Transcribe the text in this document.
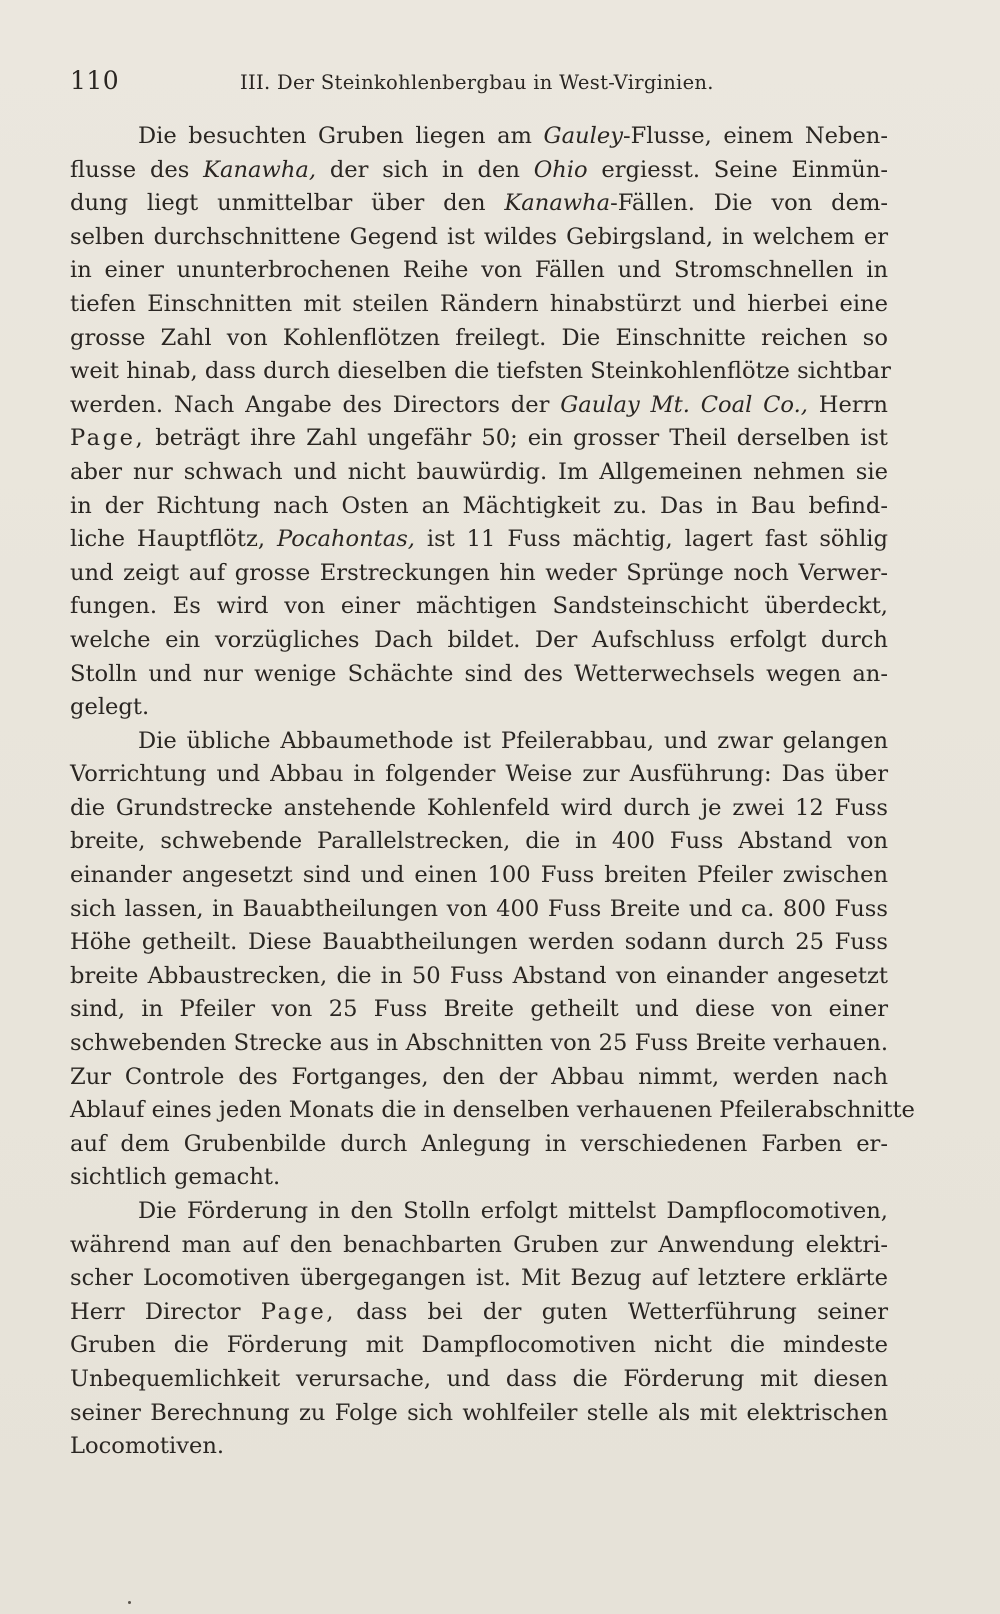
110	III. Der Steinkohlenbergbau in West-Virginien.
Die besuchten Gruben liegen am Gauley-Flusse, einem Neben-
flusse des Kanawha, der sich in den Ohio ergiesst. Seine Einmün-
dung liegt unmittelbar über den Kanawha-Fällen. Die von dem-
selben durchschnittene Gegend ist wildes Gebirgsland, in welchem er
in einer ununterbrochenen Reihe von Fällen und Stromschnellen in
tiefen Einschnitten mit steilen Rändern hinabstürzt und hierbei eine
grosse Zahl von Kohlenflötzen freilegt. Die Einschnitte reichen so
weit hinab, dass durch dieselben die tiefsten Steinkohlenflötze sichtbar
werden. Nach Angabe des Directors der Gaulay Mt. Coal Co., Herrn
Page, beträgt ihre Zahl ungefähr 50; ein grosser Theil derselben ist
aber nur schwach und nicht bauwürdig. Im Allgemeinen nehmen sie
in der Richtung nach Osten an Mächtigkeit zu. Das in Bau befind-
liche Hauptflötz, Pocahontas, ist 11 Fuss mächtig, lagert fast söhlig
und zeigt auf grosse Erstreckungen hin weder Sprünge noch Verwer-
fungen. Es wird von einer mächtigen Sandsteinschicht überdeckt,
welche ein vorzügliches Dach bildet. Der Aufschluss erfolgt durch
Stolln und nur wenige Schächte sind des Wetterwechsels wegen an-
gelegt.
Die übliche Abbaumethode ist Pfeilerabbau, und zwar gelangen
Vorrichtung und Abbau in folgender Weise zur Ausführung: Das über
die Grundstrecke anstehende Kohlenfeld wird durch je zwei 12 Fuss
breite, schwebende Parallelstrecken, die in 400 Fuss Abstand von
einander angesetzt sind und einen 100 Fuss breiten Pfeiler zwischen
sich lassen, in Bauabtheilungen von 400 Fuss Breite und ca. 800 Fuss
Höhe getheilt. Diese Bauabtheilungen werden sodann durch 25 Fuss
breite Abbaustrecken, die in 50 Fuss Abstand von einander angesetzt
sind, in Pfeiler von 25 Fuss Breite getheilt und diese von einer
schwebenden Strecke aus in Abschnitten von 25 Fuss Breite verhauen.
Zur Controle des Fortganges, den der Abbau nimmt, werden nach
Ablauf eines jeden Monats die in denselben verhauenen Pfeilerabschnitte
auf dem Grubenbilde durch Anlegung in verschiedenen Farben er-
sichtlich gemacht.
Die Förderung in den Stolln erfolgt mittelst Dampflocomotiven,
während man auf den benachbarten Gruben zur Anwendung elektri-
scher Locomotiven übergegangen ist. Mit Bezug auf letztere erklärte
Herr Director Page, dass bei der guten Wetterführung seiner
Gruben die Förderung mit Dampflocomotiven nicht die mindeste
Unbequemlichkeit verursache, und dass die Förderung mit diesen
seiner Berechnung zu Folge sich wohlfeiler stelle als mit elektrischen
Locomotiven.
